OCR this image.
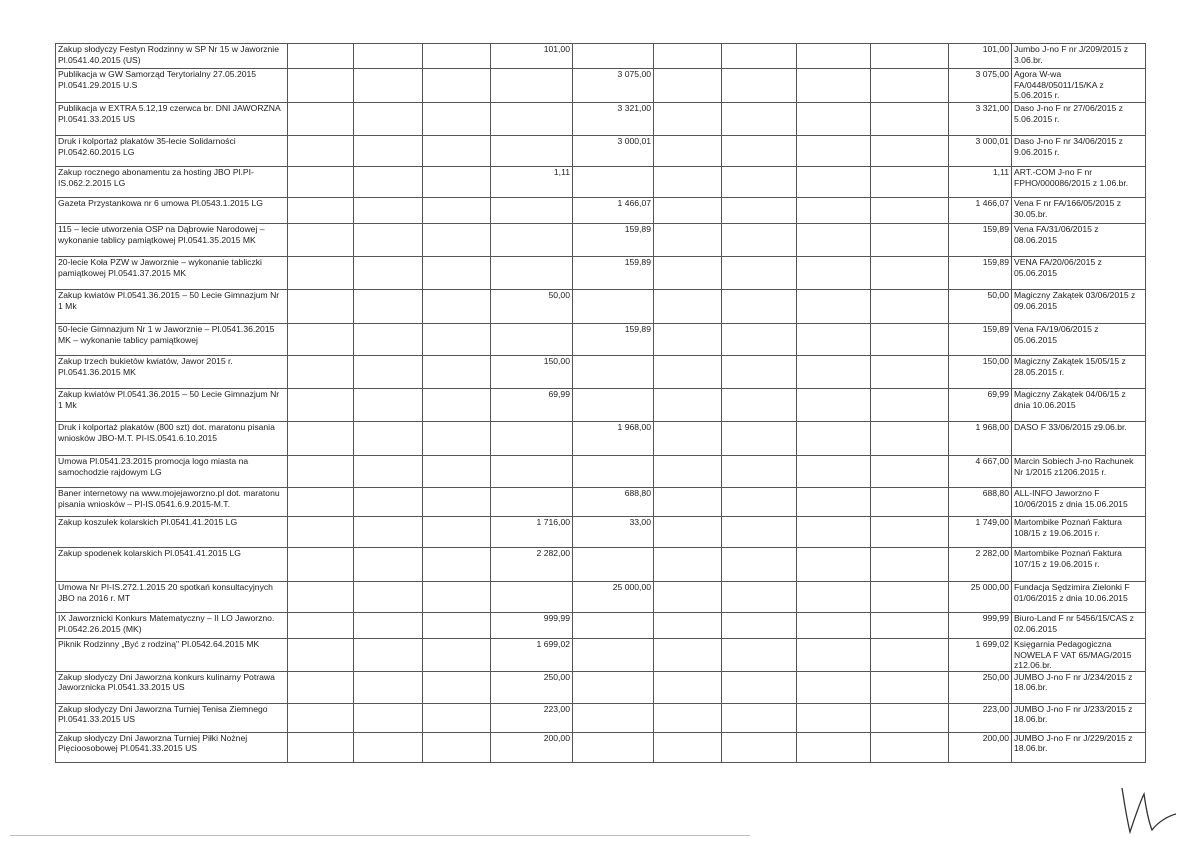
Zakup słodyczy Festyn Rodzinny w SP Nr 15 w Jaworznie Pl.0541.40.2015 (US)				101,00						101,00	Jumbo J-no F nr J/209/2015 z 3.06.br.
Publikacja w GW Samorząd Terytorialny 27.05.2015 Pl.0541.29.2015 U.S					3 075,00					3 075,00	Agora W-wa FA/0448/05011/15/KA z 5.06.2015 r.
Publikacja w EXTRA 5.12,19 czerwca br. DNI JAWORZNA Pl.0541.33.2015 US					3 321,00					3 321,00	Daso J-no F nr 27/06/2015 z 5.06.2015 r.
Druk i kolportaż plakatów 35-lecie Solidarności Pl.0542.60.2015 LG					3 000,01					3 000,01	Daso J-no F nr 34/06/2015 z 9.06.2015 r.
Zakup rocznego abonamentu za hosting JBO Pl.PI-IS.062.2.2015 LG				1,11						1,11	ART.-COM J-no F nr FPHO/000086/2015 z 1.06.br.
Gazeta Przystankowa nr 6 umowa Pl.0543.1.2015 LG					1 466,07					1 466,07	Vena F nr FA/166/05/2015 z 30.05.br.
115 – lecie utworzenia OSP na Dąbrowie Narodowej – wykonanie tablicy pamiątkowej Pl.0541.35.2015 MK					159,89					159,89	Vena FA/31/06/2015 z 08.06.2015
20-lecie Koła PZW w Jaworznie – wykonanie tabliczki pamiątkowej Pl.0541.37.2015 MK					159,89					159,89	VENA FA/20/06/2015 z 05.06.2015
Zakup kwiatów Pl.0541.36.2015 – 50 Lecie Gimnazjum Nr 1 Mk				50,00						50,00	Magiczny Zakątek 03/06/2015 z 09.06.2015
50-lecie Gimnazjum Nr 1 w Jaworznie – Pl.0541.36.2015 MK – wykonanie tablicy pamiątkowej					159,89					159,89	Vena FA/19/06/2015 z 05.06.2015
Zakup trzech bukietów kwiatów, Jawor 2015 r. Pl.0541.36.2015 MK				150,00						150,00	Magiczny Zakątek 15/05/15 z 28.05.2015 r.
Zakup kwiatów Pl.0541.36.2015 – 50 Lecie Gimnazjum Nr 1 Mk				69,99						69,99	Magiczny Zakątek 04/06/15 z dnia 10.06.2015
Druk i kolportaż plakatów (800 szt) dot. maratonu pisania wniosków JBO-M.T. PI-IS.0541.6.10.2015					1 968,00					1 968,00	DASO F 33/06/2015 z9.06.br.
Umowa Pl.0541.23.2015 promocja logo miasta na samochodzie rajdowym LG										4 667,00	Marcin Sobiech J-no Rachunek Nr 1/2015 z1206.2015 r.
Baner internetowy na www.mojejaworzno.pl dot. maratonu pisania wniosków – PI-IS.0541.6.9.2015-M.T.					688,80					688,80	ALL-INFO Jaworzno F 10/06/2015 z dnia 15.06.2015
Zakup koszulek kolarskich Pl.0541.41.2015 LG				1 716,00	33,00					1 749,00	Martombike Poznań Faktura 108/15 z 19.06.2015 r.
Zakup spodenek kolarskich Pl.0541.41.2015 LG				2 282,00						2 282,00	Martombike Poznań Faktura 107/15 z 19.06.2015 r.
Umowa Nr PI-IS.272.1.2015 20 spotkań konsultacyjnych JBO na 2016 r. MT					25 000,00					25 000,00	Fundacja Sędzimira Zielonki F 01/06/2015 z dnia 10.06.2015
IX Jaworznicki Konkurs Matematyczny – II LO Jaworzno. Pl.0542.26.2015 (MK)				999,99						999,99	Biuro-Land F nr 5456/15/CAS z 02.06.2015
Piknik Rodzinny „Być z rodziną" Pl.0542.64.2015 MK				1 699,02						1 699,02	Księgarnia Pedagogiczna NOWELA F VAT 65/MAG/2015 z12.06.br.
Zakup słodyczy Dni Jaworzna konkurs kulinarny Potrawa Jaworznicka Pl.0541.33.2015 US				250,00						250,00	JUMBO J-no F nr J/234/2015 z 18.06.br.
Zakup słodyczy Dni Jaworzna Turniej Tenisa Ziemnego Pl.0541.33.2015 US				223,00						223,00	JUMBO J-no F nr J/233/2015 z 18.06.br.
Zakup słodyczy Dni Jaworzna Turniej Piłki Nożnej Pięcioosobowej Pl.0541.33.2015 US				200,00						200,00	JUMBO J-no F nr J/229/2015 z 18.06.br.
